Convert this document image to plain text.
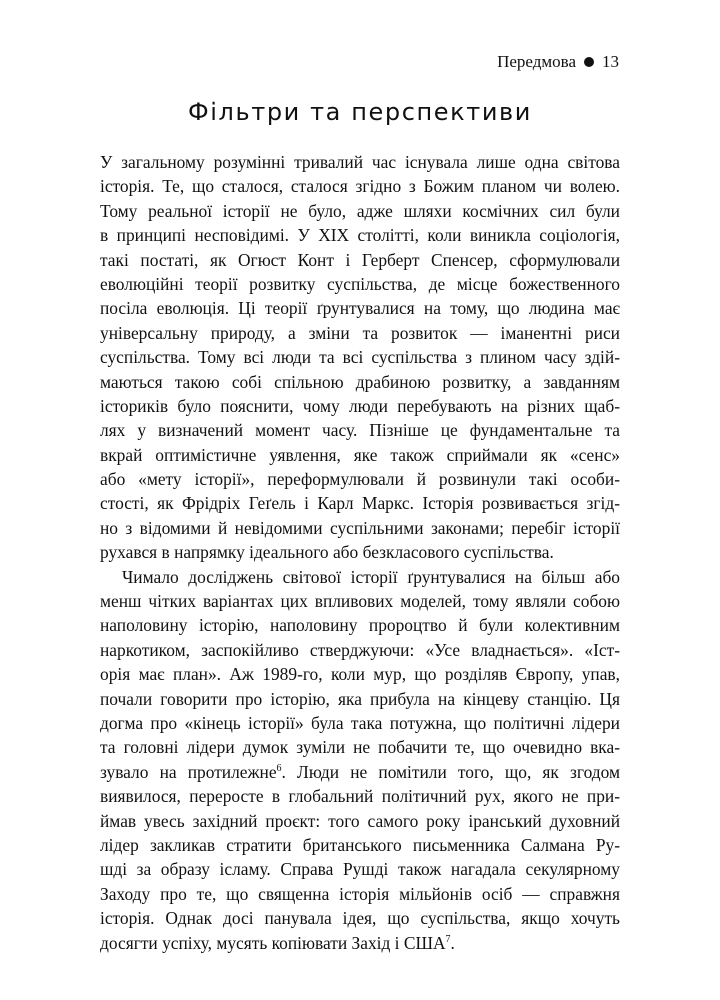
Передмова 13
Фільтри та перспективи
У загальному розумінні тривалий час існувала лише одна світова
історія. Те, що сталося, сталося згідно з Божим планом чи волею.
Тому реальної історії не було, адже шляхи космічних сил були
в принципі несповідимі. У ХІХ столітті, коли виникла соціологія,
такі постаті, як Огюст Конт і Герберт Спенсер, сформулювали
еволюційні теорії розвитку суспільства, де місце божественного
посіла еволюція. Ці теорії ґрунтувалися на тому, що людина має
універсальну природу, а зміни та розвиток — іманентні риси
суспільства. Тому всі люди та всі суспільства з плином часу здій-
маються такою собі спільною драбиною розвитку, а завданням
істориків було пояснити, чому люди перебувають на різних щаб-
лях у визначений момент часу. Пізніше це фундаментальне та
вкрай оптимістичне уявлення, яке також сприймали як «сенс»
або «мету історії», переформулювали й розвинули такі особи-
стості, як Фрідріх Геґель і Карл Маркс. Історія розвивається згід-
но з відомими й невідомими суспільними законами; перебіг історії
рухався в напрямку ідеального або безкласового суспільства.
Чимало досліджень світової історії ґрунтувалися на більш або
менш чітких варіантах цих впливових моделей, тому являли собою
наполовину історію, наполовину пророцтво й були колективним
наркотиком, заспокійливо стверджуючи: «Усе владнається». «Іст-
орія має план». Аж 1989-го, коли мур, що розділяв Європу, упав,
почали говорити про історію, яка прибула на кінцеву станцію. Ця
догма про «кінець історії» була така потужна, що політичні лідери
та головні лідери думок зуміли не побачити те, що очевидно вка-
зувало на протилежне$^6$. Люди не помітили того, що, як згодом
виявилося, переросте в глобальний політичний рух, якого не при-
ймав увесь західний проєкт: того самого року іранський духовний
лідер закликав стратити британського письменника Салмана Ру-
шді за образу ісламу. Справа Рушді також нагадала секулярному
Заходу про те, що священна історія мільйонів осіб — справжня
історія. Однак досі панувала ідея, що суспільства, якщо хочуть
досягти успіху, мусять копіювати Захід і США$^7$.
